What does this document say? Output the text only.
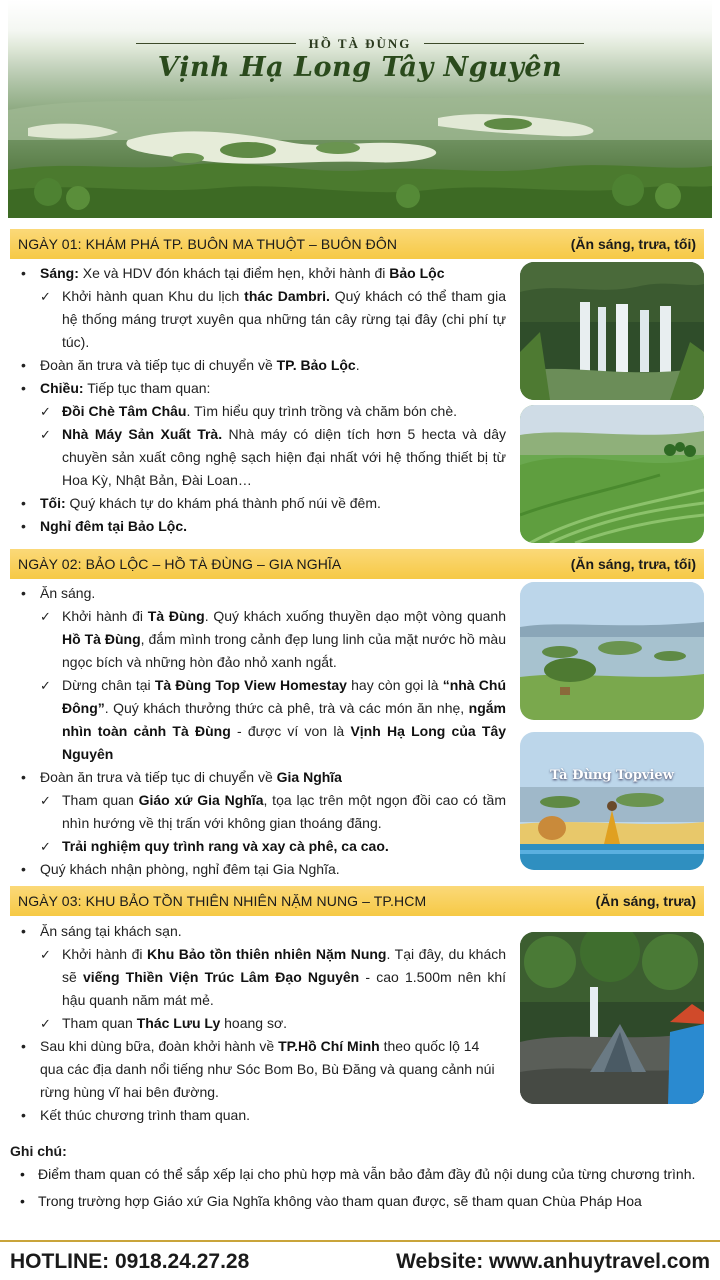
HỒ TÀ ĐÙNG
Vịnh Hạ Long Tây Nguyên
NGÀY 01: KHÁM PHÁ TP. BUÔN MA THUỘT – BUÔN ĐÔN	(Ăn sáng, trưa, tối)
• Sáng: Xe và HDV đón khách tại điểm hẹn, khởi hành đi Bảo Lộc
✓ Khởi hành quan Khu du lịch thác Dambri. Quý khách có thể tham gia hệ thống máng trượt xuyên qua những tán cây rừng tại đây (chi phí tự túc).
• Đoàn ăn trưa và tiếp tục di chuyển về TP. Bảo Lộc.
• Chiều: Tiếp tục tham quan:
✓ Đồi Chè Tâm Châu. Tìm hiểu quy trình trồng và chăm bón chè.
✓ Nhà Máy Sản Xuất Trà. Nhà máy có diện tích hơn 5 hecta và dây chuyền sản xuất công nghệ sạch hiện đại nhất với hệ thống thiết bị từ Hoa Kỳ, Nhật Bản, Đài Loan…
• Tối: Quý khách tự do khám phá thành phố núi về đêm.
• Nghỉ đêm tại Bảo Lộc.
NGÀY 02: BẢO LỘC – HỒ TÀ ĐÙNG – GIA NGHĨA	(Ăn sáng, trưa, tối)
• Ăn sáng.
✓ Khởi hành đi Tà Đùng. Quý khách xuống thuyền dạo một vòng quanh Hồ Tà Đùng, đắm mình trong cảnh đẹp lung linh của mặt nước hồ màu ngọc bích và những hòn đảo nhỏ xanh ngắt.
✓ Dừng chân tại Tà Đùng Top View Homestay hay còn gọi là “nhà Chú Đông”. Quý khách thưởng thức cà phê, trà và các món ăn nhẹ, ngắm nhìn toàn cảnh Tà Đùng - được ví von là Vịnh Hạ Long của Tây Nguyên
• Đoàn ăn trưa và tiếp tục di chuyển về Gia Nghĩa
✓ Tham quan Giáo xứ Gia Nghĩa, tọa lạc trên một ngọn đồi cao có tầm nhìn hướng về thị trấn với không gian thoáng đãng.
✓ Trải nghiệm quy trình rang và xay cà phê, ca cao.
• Quý khách nhận phòng, nghỉ đêm tại Gia Nghĩa.
Tà Đùng Topview
NGÀY 03: KHU BẢO TỒN THIÊN NHIÊN NẶM NUNG – TP.HCM	(Ăn sáng, trưa)
• Ăn sáng tại khách sạn.
✓ Khởi hành đi Khu Bảo tồn thiên nhiên Nặm Nung. Tại đây, du khách sẽ viếng Thiền Viện Trúc Lâm Đạo Nguyên - cao 1.500m nên khí hậu quanh năm mát mẻ.
✓ Tham quan Thác Lưu Ly hoang sơ.
• Sau khi dùng bữa, đoàn khởi hành về TP.Hồ Chí Minh theo quốc lộ 14 qua các địa danh nổi tiếng như Sóc Bom Bo, Bù Đăng và quang cảnh núi rừng hùng vĩ hai bên đường.
• Kết thúc chương trình tham quan.
Ghi chú:
• Điểm tham quan có thể sắp xếp lại cho phù hợp mà vẫn bảo đảm đầy đủ nội dung của từng chương trình.
• Trong trường hợp Giáo xứ Gia Nghĩa không vào tham quan được, sẽ tham quan Chùa Pháp Hoa
HOTLINE: 0918.24.27.28	Website: www.anhuytravel.com
